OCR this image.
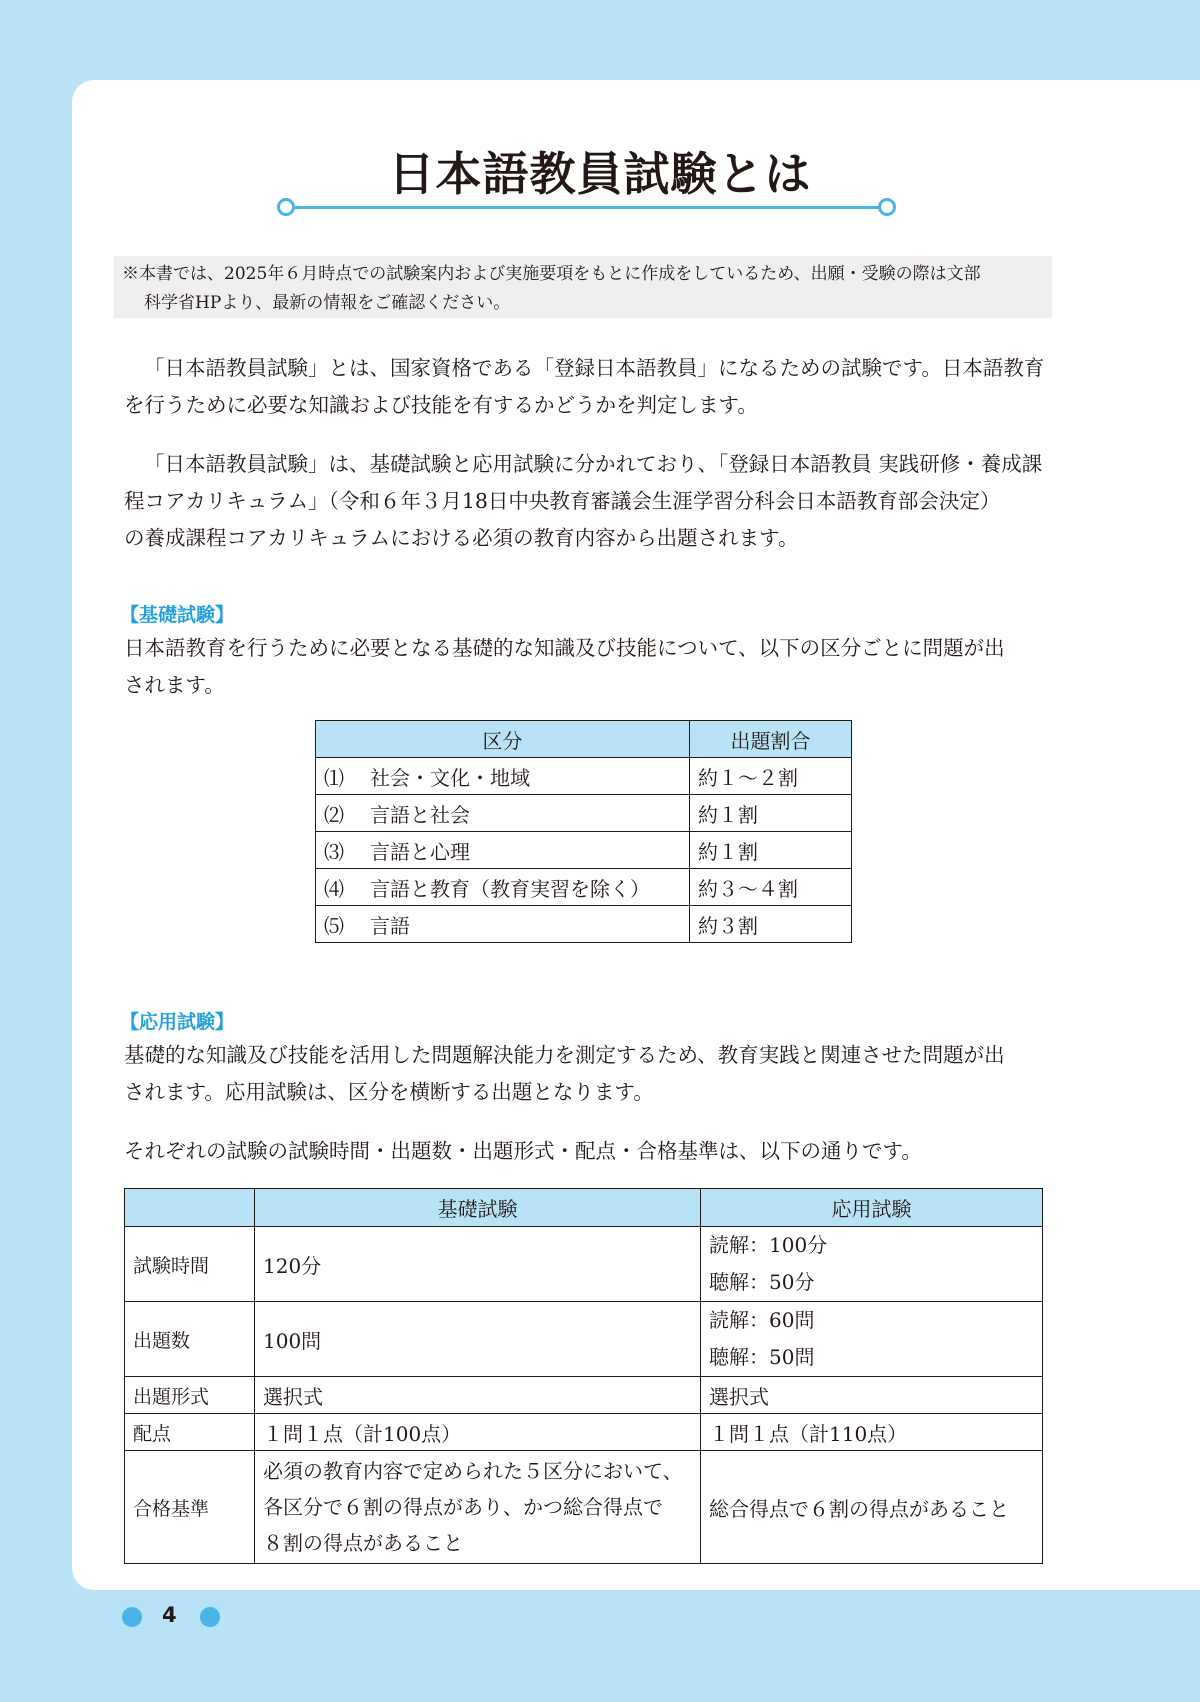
日本語教員試験とは
※本書では、2025年６月時点での試験案内および実施要項をもとに作成をしているため、出願・受験の際は文部
科学省HPより、最新の情報をご確認ください。
「日本語教員試験」とは、国家資格である「登録日本語教員」になるための試験です。日本語教育
を行うために必要な知識および技能を有するかどうかを判定します。
「日本語教員試験」は、基礎試験と応用試験に分かれており、「登録日本語教員 実践研修・養成課
程コアカリキュラム」（令和６年３月18日中央教育審議会生涯学習分科会日本語教育部会決定）
の養成課程コアカリキュラムにおける必須の教育内容から出題されます。
【基礎試験】
日本語教育を行うために必要となる基礎的な知識及び技能について、以下の区分ごとに問題が出
されます。
区分	出題割合
⑴ 社会・文化・地域	約１～２割
⑵ 言語と社会	約１割
⑶ 言語と心理	約１割
⑷ 言語と教育（教育実習を除く）	約３～４割
⑸ 言語	約３割
【応用試験】
基礎的な知識及び技能を活用した問題解決能力を測定するため、教育実践と関連させた問題が出
されます。応用試験は、区分を横断する出題となります。
それぞれの試験の試験時間・出題数・出題形式・配点・合格基準は、以下の通りです。
	基礎試験	応用試験
試験時間	120分	読解：100分
聴解：50分

出題数	100問	読解：60問
聴解：50問

出題形式	選択式	選択式
配点	１問１点（計100点）	１問１点（計110点）
合格基準	必須の教育内容で定められた５区分において、
各区分で６割の得点があり、かつ総合得点で
８割の得点があること	総合得点で６割の得点があること
4
